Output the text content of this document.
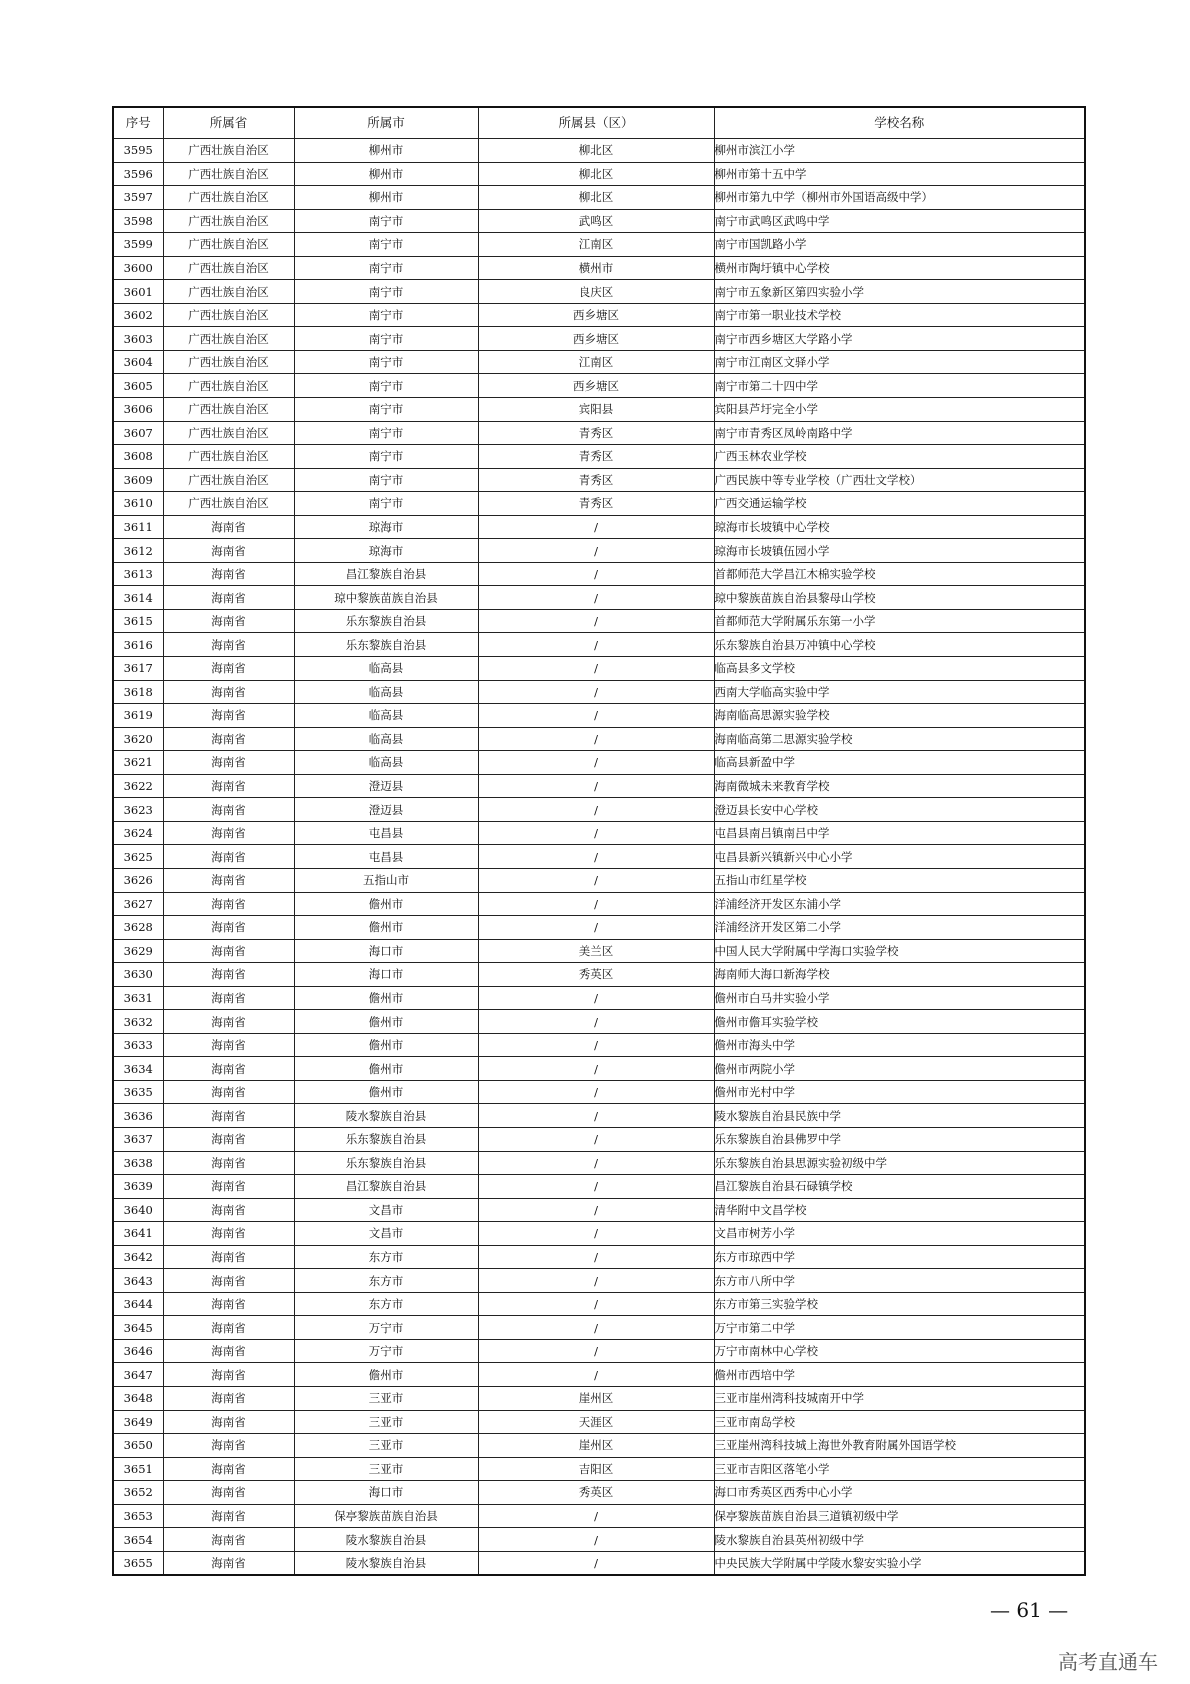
序号	所属省	所属市	所属县（区）	学校名称
3595	广西壮族自治区	柳州市	柳北区	柳州市滨江小学
3596	广西壮族自治区	柳州市	柳北区	柳州市第十五中学
3597	广西壮族自治区	柳州市	柳北区	柳州市第九中学（柳州市外国语高级中学）
3598	广西壮族自治区	南宁市	武鸣区	南宁市武鸣区武鸣中学
3599	广西壮族自治区	南宁市	江南区	南宁市国凯路小学
3600	广西壮族自治区	南宁市	横州市	横州市陶圩镇中心学校
3601	广西壮族自治区	南宁市	良庆区	南宁市五象新区第四实验小学
3602	广西壮族自治区	南宁市	西乡塘区	南宁市第一职业技术学校
3603	广西壮族自治区	南宁市	西乡塘区	南宁市西乡塘区大学路小学
3604	广西壮族自治区	南宁市	江南区	南宁市江南区文驿小学
3605	广西壮族自治区	南宁市	西乡塘区	南宁市第二十四中学
3606	广西壮族自治区	南宁市	宾阳县	宾阳县芦圩完全小学
3607	广西壮族自治区	南宁市	青秀区	南宁市青秀区凤岭南路中学
3608	广西壮族自治区	南宁市	青秀区	广西玉林农业学校
3609	广西壮族自治区	南宁市	青秀区	广西民族中等专业学校（广西壮文学校）
3610	广西壮族自治区	南宁市	青秀区	广西交通运输学校
3611	海南省	琼海市	/	琼海市长坡镇中心学校
3612	海南省	琼海市	/	琼海市长坡镇伍园小学
3613	海南省	昌江黎族自治县	/	首都师范大学昌江木棉实验学校
3614	海南省	琼中黎族苗族自治县	/	琼中黎族苗族自治县黎母山学校
3615	海南省	乐东黎族自治县	/	首都师范大学附属乐东第一小学
3616	海南省	乐东黎族自治县	/	乐东黎族自治县万冲镇中心学校
3617	海南省	临高县	/	临高县多文学校
3618	海南省	临高县	/	西南大学临高实验中学
3619	海南省	临高县	/	海南临高思源实验学校
3620	海南省	临高县	/	海南临高第二思源实验学校
3621	海南省	临高县	/	临高县新盈中学
3622	海南省	澄迈县	/	海南微城未来教育学校
3623	海南省	澄迈县	/	澄迈县长安中心学校
3624	海南省	屯昌县	/	屯昌县南吕镇南吕中学
3625	海南省	屯昌县	/	屯昌县新兴镇新兴中心小学
3626	海南省	五指山市	/	五指山市红星学校
3627	海南省	儋州市	/	洋浦经济开发区东浦小学
3628	海南省	儋州市	/	洋浦经济开发区第二小学
3629	海南省	海口市	美兰区	中国人民大学附属中学海口实验学校
3630	海南省	海口市	秀英区	海南师大海口新海学校
3631	海南省	儋州市	/	儋州市白马井实验小学
3632	海南省	儋州市	/	儋州市儋耳实验学校
3633	海南省	儋州市	/	儋州市海头中学
3634	海南省	儋州市	/	儋州市两院小学
3635	海南省	儋州市	/	儋州市光村中学
3636	海南省	陵水黎族自治县	/	陵水黎族自治县民族中学
3637	海南省	乐东黎族自治县	/	乐东黎族自治县佛罗中学
3638	海南省	乐东黎族自治县	/	乐东黎族自治县思源实验初级中学
3639	海南省	昌江黎族自治县	/	昌江黎族自治县石碌镇学校
3640	海南省	文昌市	/	清华附中文昌学校
3641	海南省	文昌市	/	文昌市树芳小学
3642	海南省	东方市	/	东方市琼西中学
3643	海南省	东方市	/	东方市八所中学
3644	海南省	东方市	/	东方市第三实验学校
3645	海南省	万宁市	/	万宁市第二中学
3646	海南省	万宁市	/	万宁市南林中心学校
3647	海南省	儋州市	/	儋州市西培中学
3648	海南省	三亚市	崖州区	三亚市崖州湾科技城南开中学
3649	海南省	三亚市	天涯区	三亚市南岛学校
3650	海南省	三亚市	崖州区	三亚崖州湾科技城上海世外教育附属外国语学校
3651	海南省	三亚市	吉阳区	三亚市吉阳区落笔小学
3652	海南省	海口市	秀英区	海口市秀英区西秀中心小学
3653	海南省	保亭黎族苗族自治县	/	保亭黎族苗族自治县三道镇初级中学
3654	海南省	陵水黎族自治县	/	陵水黎族自治县英州初级中学
3655	海南省	陵水黎族自治县	/	中央民族大学附属中学陵水黎安实验小学
— 61 —
高考直通车
